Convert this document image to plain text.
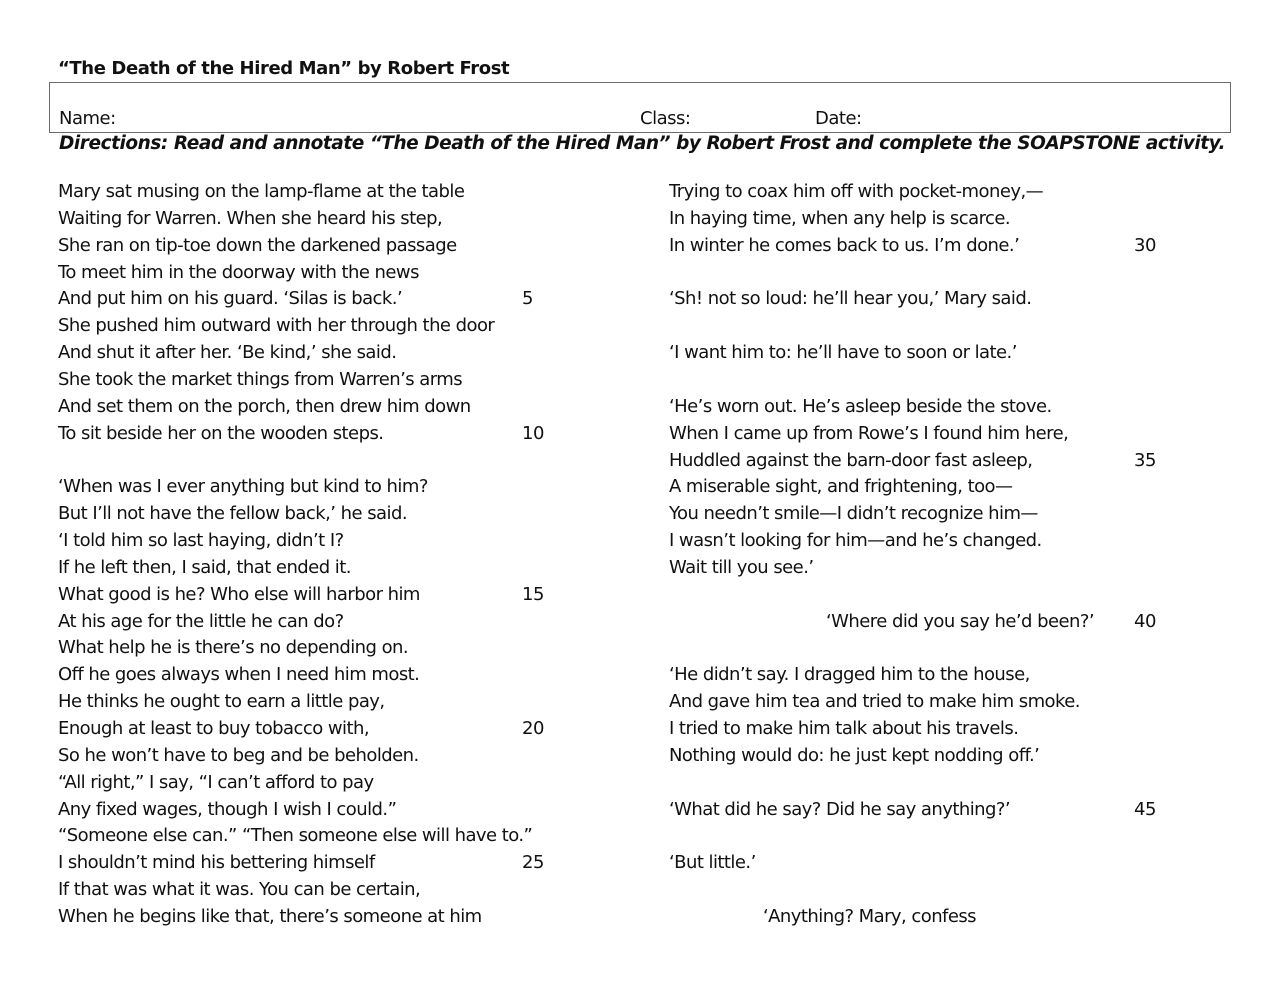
“The Death of the Hired Man” by Robert Frost
Name:	Class:	Date:
Directions: Read and annotate “The Death of the Hired Man” by Robert Frost and complete the SOAPSTONE activity.
Mary sat musing on the lamp-flame at the table
Waiting for Warren. When she heard his step,
She ran on tip-toe down the darkened passage
To meet him in the doorway with the news
And put him on his guard. ‘Silas is back.’	5
She pushed him outward with her through the door
And shut it after her. ‘Be kind,’ she said.
She took the market things from Warren’s arms
And set them on the porch, then drew him down
To sit beside her on the wooden steps.	10
‘When was I ever anything but kind to him?
But I’ll not have the fellow back,’ he said.
‘I told him so last haying, didn’t I?
If he left then, I said, that ended it.
What good is he? Who else will harbor him	15
At his age for the little he can do?
What help he is there’s no depending on.
Off he goes always when I need him most.
He thinks he ought to earn a little pay,
Enough at least to buy tobacco with,	20
So he won’t have to beg and be beholden.
“All right,” I say, “I can’t afford to pay
Any fixed wages, though I wish I could.”
“Someone else can.” “Then someone else will have to.”
I shouldn’t mind his bettering himself	25
If that was what it was. You can be certain,
When he begins like that, there’s someone at him
Trying to coax him off with pocket-money,—
In haying time, when any help is scarce.
In winter he comes back to us. I’m done.’	30
‘Sh! not so loud: he’ll hear you,’ Mary said.
‘I want him to: he’ll have to soon or late.’
‘He’s worn out. He’s asleep beside the stove.
When I came up from Rowe’s I found him here,
Huddled against the barn-door fast asleep,	35
A miserable sight, and frightening, too—
You needn’t smile—I didn’t recognize him—
I wasn’t looking for him—and he’s changed.
Wait till you see.’
‘Where did you say he’d been?’ 40
‘He didn’t say. I dragged him to the house,
And gave him tea and tried to make him smoke.
I tried to make him talk about his travels.
Nothing would do: he just kept nodding off.’
‘What did he say? Did he say anything?’	45
‘But little.’
‘Anything? Mary, confess
